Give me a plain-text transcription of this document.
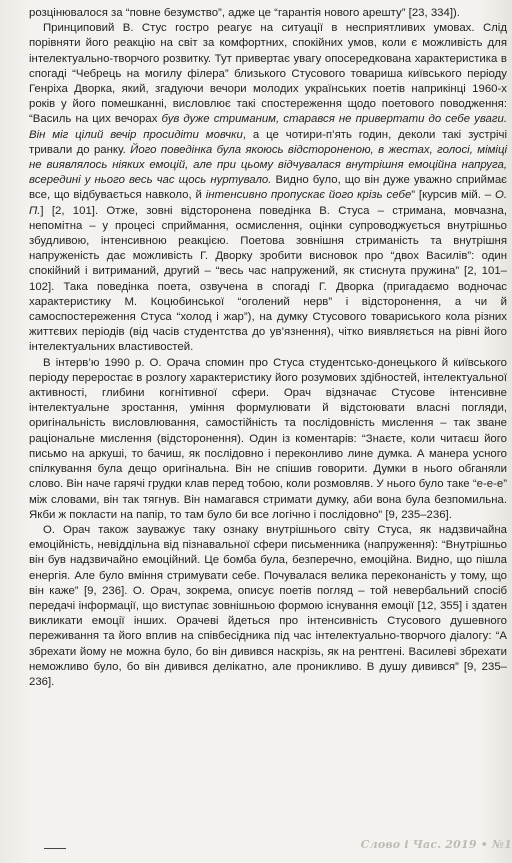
розцінювалося за “повне безумство”, адже це “гарантія нового арешту” [23, 334]).

Принциповий В. Стус гостро реагує на ситуації в несприятливих умовах. Слід порівняти його реакцію на світ за комфортних, спокійних умов, коли є можливість для інтелектуально-творчого розвитку. Тут привертає увагу опосередкована характеристика в спогаді “Чебрець на могилу філера” близького Стусового товариша київського періоду Генріха Дворка, який, згадуючи вечори молодих українських поетів наприкінці 1960-х років у його помешканні, висловлює такі спостереження щодо поетового поводження: “Василь на цих вечорах був дуже стриманим, старався не привертати до себе уваги. Він міг цілий вечір просидіти мовчки, а це чотири-п’ять годин, деколи такі зустрічі тривали до ранку. Його поведінка була якоюсь відстороненою, в жестах, голосі, міміці не виявлялось ніяких емоцій, але при цьому відчувалася внутрішня емоційна напруга, всередині у нього весь час щось нуртувало. Видно було, що він дуже уважно сприймає все, що відбувається навколо, й інтенсивно пропускає його крізь себе” [курсив мій. – О. П.] [2, 101]. Отже, зовні відсторонена поведінка В. Стуса – стримана, мовчазна, непомітна – у процесі сприймання, осмислення, оцінки супроводжується внутрішньо збудливою, інтенсивною реакцією. Поетова зовнішня стриманість та внутрішня напруженість дає можливість Г. Дворку зробити висновок про “двох Василів”: один спокійний і витриманий, другий – “весь час напружений, як стиснута пружина” [2, 101–102]. Така поведінка поета, озвучена в спогаді Г. Дворка (пригадаємо водночас характеристику М. Коцюбинської “оголений нерв” і відсторонення, а чи й самоспостереження Стуса “холод і жар”), на думку Стусового товариського кола різних життєвих періодів (від часів студентства до ув’язнення), чітко виявляється на рівні його інтелектуальних властивостей.

В інтерв’ю 1990 р. О. Орача спомин про Стуса студентсько-донецького й київського періоду переростає в розлогу характеристику його розумових здібностей, інтелектуальної активності, глибини когнітивної сфери. Орач відзначає Стусове інтенсивне інтелектуальне зростання, уміння формулювати й відстоювати власні погляди, оригінальність висловлювання, самостійність та послідовність мислення – так зване раціональне мислення (відсторонення). Один із коментарів: “Знаєте, коли читаєш його письмо на аркуші, то бачиш, як послідовно і переконливо лине думка. А манера усного спілкування була дещо оригінальна. Він не спішив говорити. Думки в нього обганяли слово. Він наче гарячі грудки клав перед тобою, коли розмовляв. У нього було таке “е-е-е” між словами, він так тягнув. Він намагався стримати думку, аби вона була безпомильна. Якби ж покласти на папір, то там було би все логічно і послідовно” [9, 235–236].

О. Орач також зауважує таку ознаку внутрішнього світу Стуса, як надзвичайна емоційність, невіддільна від пізнавальної сфери письменника (напруження): “Внутрішньо він був надзвичайно емоційний. Це бомба була, безперечно, емоційна. Видно, що пішла енергія. Але було вміння стримувати себе. Почувалася велика переконаність у тому, що він каже” [9, 236]. О. Орач, зокрема, описує поетів погляд – той невербальний спосіб передачі інформації, що виступає зовнішньою формою існування емоції [12, 355] і здатен викликати емоції інших. Орачеві йдеться про інтенсивність Стусового душевного переживання та його вплив на співбесідника під час інтелектуально-творчого діалогу: “А збрехати йому не можна було, бо він дивився наскрізь, як на рентгені. Василеві збрехати неможливо було, бо він дивився делікатно, але проникливо. В душу дивився” [9, 235–236].

Слово і Час. 2019 • №1
